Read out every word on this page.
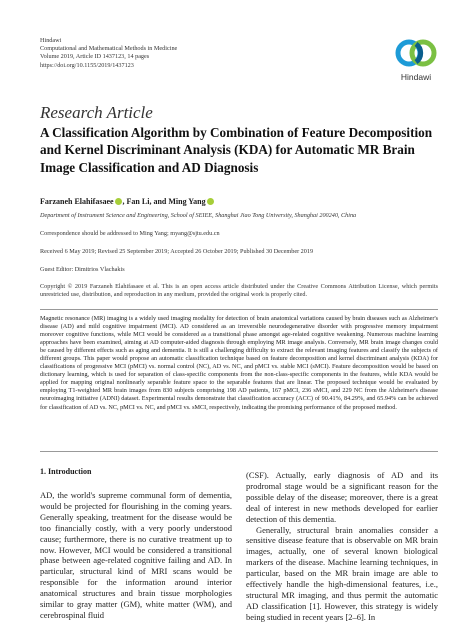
Hindawi
Computational and Mathematical Methods in Medicine
Volume 2019, Article ID 1437123, 14 pages
https://doi.org/10.1155/2019/1437123
Hindawi
Research Article
A Classification Algorithm by Combination of Feature Decomposition and Kernel Discriminant Analysis (KDA) for Automatic MR Brain Image Classification and AD Diagnosis
Farzaneh Elahifasaee , Fan Li, and Ming Yang
Department of Instrument Science and Engineering, School of SEIEE, Shanghai Jiao Tong University, Shanghai 200240, China
Correspondence should be addressed to Ming Yang; myang@sjtu.edu.cn
Received 6 May 2019; Revised 25 September 2019; Accepted 26 October 2019; Published 30 December 2019
Guest Editor: Dimitrios Vlachakis
Copyright © 2019 Farzaneh Elahifasaee et al. This is an open access article distributed under the Creative Commons Attribution License, which permits unrestricted use, distribution, and reproduction in any medium, provided the original work is properly cited.
Magnetic resonance (MR) imaging is a widely used imaging modality for detection of brain anatomical variations caused by brain diseases such as Alzheimer's disease (AD) and mild cognitive impairment (MCI). AD considered as an irreversible neurodegenerative disorder with progressive memory impairment moreover cognitive functions, while MCI would be considered as a transitional phase amongst age-related cognitive weakening. Numerous machine learning approaches have been examined, aiming at AD computer-aided diagnosis through employing MR image analysis. Conversely, MR brain image changes could be caused by different effects such as aging and dementia. It is still a challenging difficulty to extract the relevant imaging features and classify the subjects of different groups. This paper would propose an automatic classification technique based on feature decomposition and kernel discriminant analysis (KDA) for classifications of progressive MCI (pMCI) vs. normal control (NC), AD vs. NC, and pMCI vs. stable MCI (sMCI). Feature decomposition would be based on dictionary learning, which is used for separation of class-specific components from the non-class-specific components in the features, while KDA would be applied for mapping original nonlinearly separable feature space to the separable features that are linear. The proposed technique would be evaluated by employing T1-weighted MR brain images from 830 subjects comprising 198 AD patients, 167 pMCI, 236 sMCI, and 229 NC from the Alzheimer's disease neuroimaging initiative (ADNI) dataset. Experimental results demonstrate that classification accuracy (ACC) of 90.41%, 84.29%, and 65.94% can be achieved for classification of AD vs. NC, pMCI vs. NC, and pMCI vs. sMCI, respectively, indicating the promising performance of the proposed method.
1. Introduction
AD, the world's supreme communal form of dementia, would be projected for flourishing in the coming years. Generally speaking, treatment for the disease would be too financially costly, with a very poorly understood cause; furthermore, there is no curative treatment up to now. However, MCI would be considered a transitional phase between age-related cognitive failing and AD. In particular, structural kind of MRI scans would be responsible for the information around interior anatomical structures and brain tissue morphologies similar to gray matter (GM), white matter (WM), and cerebrospinal fluid

(CSF). Actually, early diagnosis of AD and its prodromal stage would be a significant reason for the possible delay of the disease; moreover, there is a great deal of interest in new methods developed for earlier detection of this dementia.

Generally, structural brain anomalies consider a sensitive disease feature that is observable on MR brain images, actually, one of several known biological markers of the disease. Machine learning techniques, in particular, based on the MR brain image are able to effectively handle the high-dimensional features, i.e., structural MR imaging, and thus permit the automatic AD classification [1]. However, this strategy is widely being studied in recent years [2–6]. In
